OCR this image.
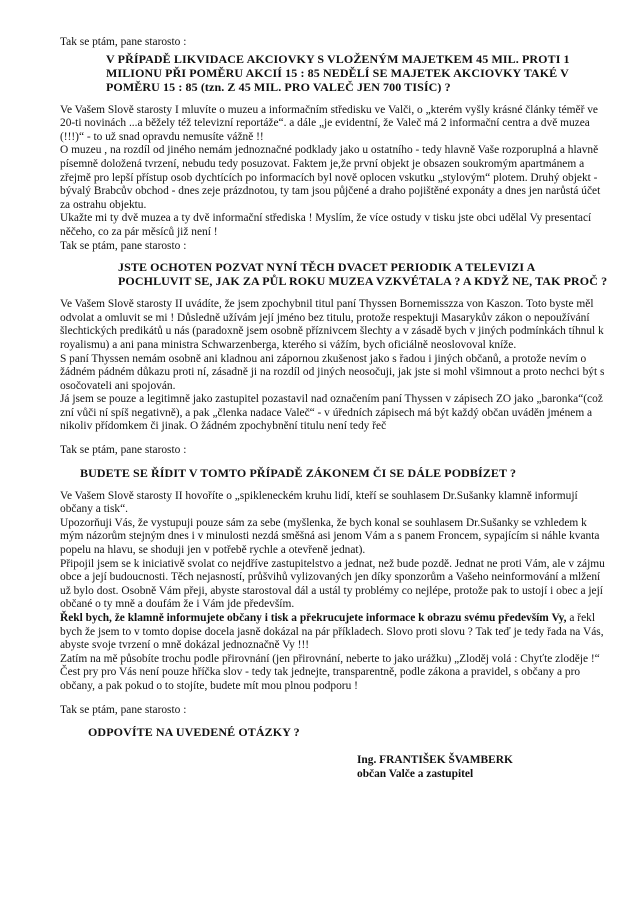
Tak se ptám, pane starosto :

V PŘÍPADĚ LIKVIDACE AKCIOVKY S VLOŽENÝM MAJETKEM 45 MIL. PROTI 1 MILIONU PŘI POMĚRU AKCIÍ 15 : 85 NEDĚLÍ SE MAJETEK AKCIOVKY TAKÉ V POMĚRU 15 : 85 (tzn. Z 45 MIL. PRO VALEČ JEN 700 TISÍC) ?

Ve Vašem Slově starosty I mluvíte o muzeu a informačním středisku ve Valči, o „kterém vyšly krásné články téměř ve 20-ti novinách ...a běžely též televizní reportáže“. a dále „je evidentní, že Valeč má 2 informační centra a dvě muzea (!!!)“ - to už snad opravdu nemusíte vážně !!

O muzeu , na rozdíl od jiného nemám jednoznačné podklady jako u ostatního - tedy hlavně Vaše rozporuplná a hlavně písemně doložená tvrzení, nebudu tedy posuzovat. Faktem je,že první objekt je obsazen soukromým apartmánem a zřejmě pro lepší přístup osob dychtících po informacích byl nově oplocen vskutku „stylovým“ plotem. Druhý objekt - bývalý Brabcův obchod - dnes zeje prázdnotou, ty tam jsou půjčené a draho pojištěné exponáty a dnes jen narůstá účet za ostrahu objektu.

Ukažte mi ty dvě muzea a ty dvě informační střediska ! Myslím, že více ostudy v tisku jste obci udělal Vy presentací něčeho, co za pár měsíců již není !

Tak se ptám, pane starosto :

JSTE OCHOTEN POZVAT NYNÍ TĚCH DVACET PERIODIK A TELEVIZI A POCHLUVIT SE, JAK ZA PŮL ROKU MUZEA VZKVÉTALA ? A KDYŽ NE, TAK PROČ ?

Ve Vašem Slově starosty II uvádíte, že jsem zpochybnil titul paní Thyssen Bornemisszza von Kaszon. Toto byste měl odvolat a omluvit se mi ! Důsledně užívám její jméno bez titulu, protože respektuji Masarykův zákon o nepoužívání šlechtických predikátů u nás (paradoxně jsem osobně příznivcem šlechty a v zásadě bych v jiných podmínkách tíhnul k royalismu) a ani pana ministra Schwarzenberga, kterého si vážím, bych oficiálně neoslovoval kníže.

S paní Thyssen nemám osobně ani kladnou ani zápornou zkušenost jako s řadou i jiných občanů, a protože nevím o žádném pádném důkazu proti ní, zásadně ji na rozdíl od jiných neosočuji, jak jste si mohl všimnout a proto nechci být s osočovateli ani spojován.

Já jsem se pouze a legitimně jako zastupitel pozastavil nad označením paní Thyssen v zápisech ZO jako „baronka“(což zní vůči ní spíš negativně), a pak „členka nadace Valeč“ - v úředních zápisech má být každý občan uváděn jménem a nikoliv přídomkem či jinak. O žádném zpochybnění titulu není tedy řeč

Tak se ptám, pane starosto :

BUDETE SE ŘÍDIT V TOMTO PŘÍPADĚ ZÁKONEM ČI SE DÁLE PODBÍZET ?

Ve Vašem Slově starosty II hovoříte o „spikleneckém kruhu lidí, kteří se souhlasem Dr.Sušanky klamně informují občany a tisk“.

Upozorňuji Vás, že vystupuji pouze sám za sebe (myšlenka, že bych konal se souhlasem Dr.Sušanky se vzhledem k mým názorům stejným dnes i v minulosti nezdá směšná asi jenom Vám a s panem Froncem, sypajícím si náhle kvanta popelu na hlavu, se shoduji jen v potřebě rychle a otevřeně jednat).

Připojil jsem se k iniciativě svolat co nejdříve zastupitelstvo a jednat, než bude pozdě. Jednat ne proti Vám, ale v zájmu obce a její budoucnosti. Těch nejasností, průšvihů vylizovaných jen díky sponzorům a Vašeho neinformování a mlžení už bylo dost. Osobně Vám přeji, abyste starostoval dál a ustál ty problémy co nejlépe, protože pak to ustojí i obec a její občané o ty mně a doufám že i Vám jde především.

Řekl bych, že klamně informujete občany i tisk a překrucujete informace k obrazu svému především Vy, a řekl bych že jsem to v tomto dopise docela jasně dokázal na pár příkladech. Slovo proti slovu ? Tak teď je tedy řada na Vás, abyste svoje tvrzení o mně dokázal jednoznačně Vy !!!

Zatím na mě působíte trochu podle přirovnání (jen přirovnání, neberte to jako urážku) „Zloděj volá : Chyťte zloděje !“ Čest pry pro Vás není pouze hříčka slov - tedy tak jednejte, transparentně, podle zákona a pravidel, s občany a pro občany, a pak pokud o to stojíte, budete mít mou plnou podporu !

Tak se ptám, pane starosto :

ODPOVÍTE NA UVEDENÉ OTÁZKY ?

Ing. FRANTIŠEK ŠVAMBERK
občan Valče a zastupitel
